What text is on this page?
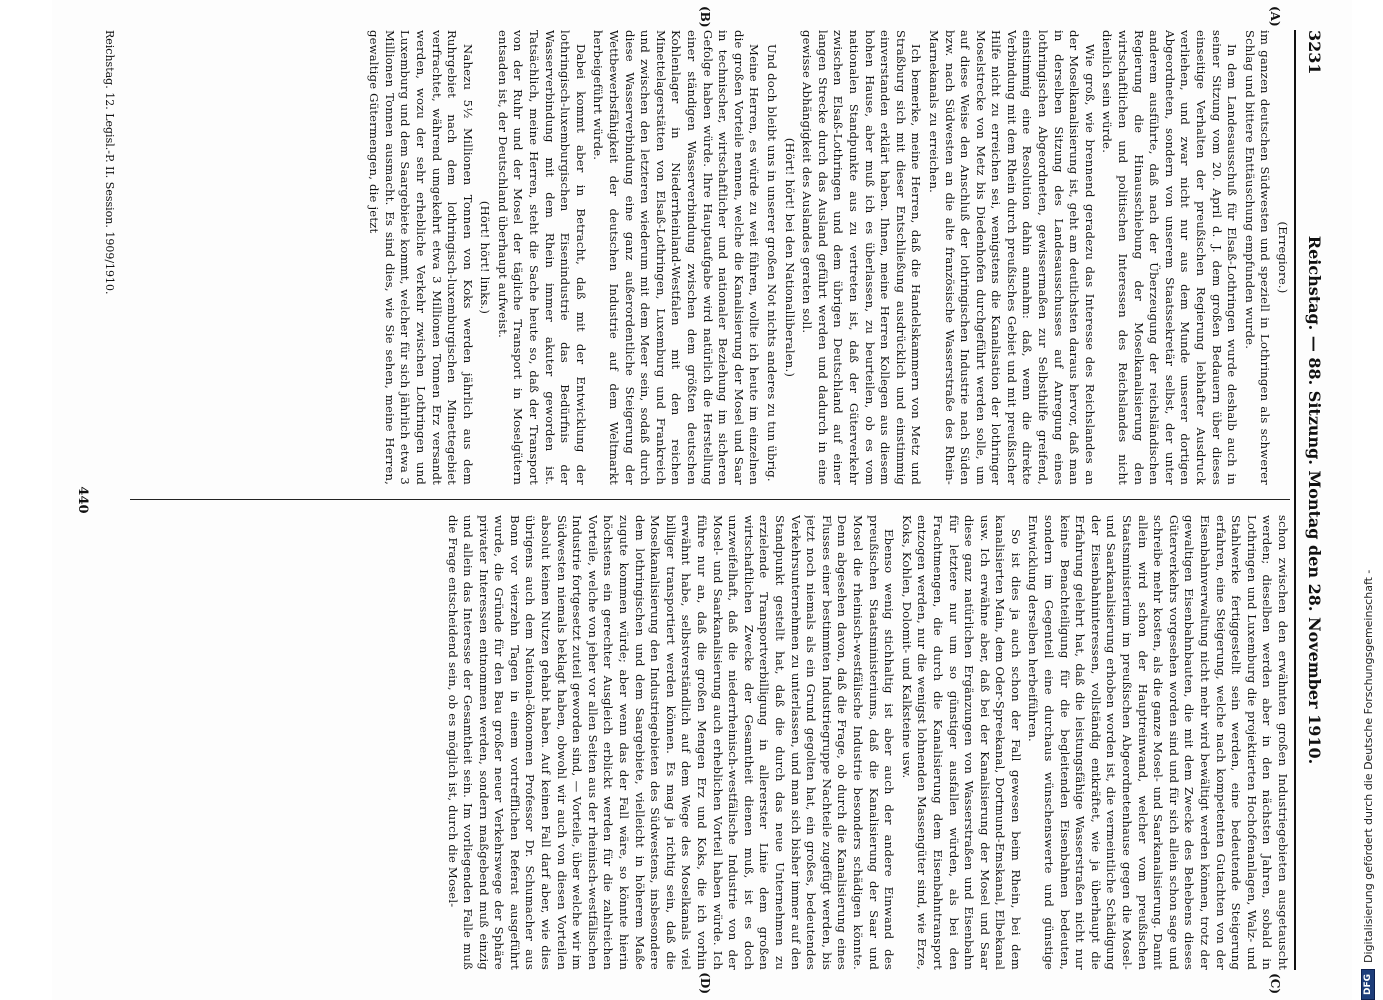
3231
Reichstag. — 88. Sitzung. Montag den 28. November 1910.
(A)
(B)
(C)
(D)

(Erregiore.)

im ganzen deutschen Südwesten und speziell in Lothringen als schwerer Schlag und bittere Enttäuschung empfunden wurde.

In dem Landesausschuß für Elsaß-Lothringen wurde deshalb auch in seiner Sitzung vom 20. April d. J. dem großen Bedauern über dieses einseitige Verhalten der preußischen Regierung lebhafter Ausdruck verliehen, und zwar nicht nur aus dem Munde unserer dortigen Abgeordneten, sondern von unserem Staatssekretär selbst, der unter anderem ausführte, daß nach der Überzeugung der reichsländischen Regierung die Hinausschiebung der Moselkanalisierung den wirtschaftlichen und politischen Interessen des Reichslandes nicht dienlich sein würde.

Wie groß, wie brennend geradezu das Interesse des Reichslandes an der Moselkanalisierung ist, geht am deutlichsten daraus hervor, daß man in derselben Sitzung des Landesausschusses auf Anregung eines lothringischen Abgeordneten, gewissermaßen zur Selbsthilfe greifend, einstimmig eine Resolution dahin annahm: daß, wenn die direkte Verbindung mit dem Rhein durch preußisches Gebiet und mit preußischer Hilfe nicht zu erreichen sei, wenigstens die Kanalisation der lothringer Moselstrecke von Metz bis Diedenhofen durchgeführt werden solle, um auf diese Weise den Anschluß der lothringischen Industrie nach Süden bzw. nach Südwesten an die alte französische Wasserstraße des Rhein-Marnekanals zu erreichen.

Ich bemerke, meine Herren, daß die Handelskammern von Metz und Straßburg sich mit dieser Entschließung ausdrücklich und einstimmig einverstanden erklärt haben. Ihnen, meine Herren Kollegen aus diesem hohen Hause, aber muß ich es überlassen, zu beurteilen, ob es vom nationalen Standpunkte aus zu vertreten ist, daß der Güterverkehr zwischen Elsaß-Lothringen und dem übrigen Deutschland auf einer langen Strecke durch das Ausland geführt werden und dadurch in eine gewisse Abhängigkeit des Auslandes geraten soll.

(Hört! hört! bei den Nationalliberalen.)

Und doch bleibt uns in unserer großen Not nichts anderes zu tun übrig.

Meine Herren, es würde zu weit führen, wollte ich heute im einzelnen die großen Vorteile nennen, welche die Kanalisierung der Mosel und Saar in technischer, wirtschaftlicher und nationaler Beziehung im sicheren Gefolge haben würde. Ihre Hauptaufgabe wird natürlich die Herstellung einer ständigen Wasserverbindung zwischen dem größten deutschen Kohlenlager in Niederrheinland-Westfalen mit den reichen Minettelagerstätten von Elsaß-Lothringen, Luxemburg und Frankreich und zwischen den letzteren wiederum mit dem Meer sein, sodaß durch diese Wasserverbindung eine ganz außerordentliche Steigerung der Wettbewerbsfähigkeit der deutschen Industrie auf dem Weltmarkt herbeigeführt würde.

Dabei kommt aber in Betracht, daß mit der Entwicklung der lothringisch-luxemburgischen Eisenindustrie das Bedürfnis der Wasserverbindung mit dem Rhein immer akuter geworden ist. Tatsächlich, meine Herren, steht die Sache heute so, daß der Transport von der Ruhr und der Mosel der tägliche Transport in Moselgütern entsaden ist, der Deutschland überhaupt aufweist.

(Hört! hört! links.)

Nahezu 5½ Millionen Tonnen von Koks werden jährlich aus dem Ruhrgebiet nach dem lothringisch-luxemburgischen Minettegebiet verfrachtet, während umgekehrt etwa 3 Millionen Tonnen Erz versandt werden, wozu der sehr erhebliche Verkehr zwischen Lothringen und Luxemburg und dem Saargebiete kommt, welcher für sich jährlich etwa 3 Millionen Tonnen ausmacht. Es sind dies, wie Sie sehen, meine Herren, gewaltige Gütermengen, die jetzt

schon zwischen den erwähnten großen Industriegebieten ausgetauscht werden; dieselben werden aber in den nächsten Jahren, sobald in Lothringen und Luxemburg die projektierten Hochofenanlagen, Walz- und Stahlwerke fertiggestellt sein werden, eine bedeutende Steigerung erfahren, eine Steigerung, welche nach kompetenten Gutachten von der Eisenbahnverwaltung nicht mehr wird bewältigt werden können, trotz der gewaltigen Eisenbahnbauten, die mit dem Zwecke des Behebens dieses Güterverkehrs vorgesehen worden sind und für sich allein schon sage und schreibe mehr kosten, als die ganze Mosel- und Saarkanalisierung. Damit allein wird schon der Hauptreinwand, welcher vom preußischen Staatsministerium im preußischen Abgeordnetenhause gegen die Mosel- und Saarkanalisierung erhoben worden ist, die vermeintliche Schädigung der Eisenbahninteressen, vollständig entkräftet, wie ja überhaupt die Erfahrung gelehrt hat, daß die leistungsfähige Wasserstraßen nicht nur keine Benachteiligung für die begleitenden Eisenbahnen bedeuten, sondern im Gegenteil eine durchaus wünschenswerte und günstige Entwicklung derselben herbeiführen.

So ist dies ja auch schon der Fall gewesen beim Rhein, bei dem kanalisierten Main, dem Oder-Spreekanal, Dortmund-Emskanal, Elbekanal usw. Ich erwähne aber, daß bei der Kanalisierung der Mosel und Saar diese ganz natürlichen Ergänzungen von Wasserstraßen und Eisenbahn für letztere nur um so günstiger ausfallen würden, als bei den Frachtmengen, die durch die Kanalisierung dem Eisenbahntransport entzogen werden, nur die wenigst lohnenden Massengüter sind, wie Erze, Koks, Kohlen, Dolomit- und Kalksteine usw.

Ebenso wenig stichhaltig ist aber auch der andere Einwand des preußischen Staatsministeriums, daß die Kanalisierung der Saar und Mosel die rheinisch-westfälische Industrie besonders schädigen könnte. Denn abgesehen davon, daß die Frage, ob durch die Kanalisierung eines Flusses einer bestimmten Industriegruppe Nachteile zugefügt werden, bis jetzt noch niemals als ein Grund gegolten hat, ein großes, bedeutendes Verkehrsunternehmen zu unterlassen, und man sich bisher immer auf den Standpunkt gestellt hat, daß die durch das neue Unternehmen zu erzielende Transportverbilligung in allererster Linie dem großen wirtschaftlichen Zwecke der Gesamtheit dienen muß, ist es doch unzweifelhaft, daß die niederrheinisch-westfälische Industrie von der Mosel- und Saarkanalisierung auch erheblichen Vorteil haben würde. Ich führe nur an, daß die großen Mengen Erz und Koks, die ich vorhin erwähnt habe, selbstverständlich auf dem Wege des Moselkanals viel billiger transportiert werden können. Es mag ja richtig sein, daß die Moselkanalisierung den Industriegebieten des Südwestens, insbesondere dem lothringischen und dem Saargebiete, vielleicht in höherem Maße zugute kommen würde; aber wenn das der Fall wäre, so könnte hierin höchstens ein gerechter Ausgleich erblickt werden für die zahlreichen Vorteile, welche von jeher vor allen Seiten aus der rheinisch-westfälischen Industrie fortgesetzt zuteil geworden sind, — Vorteile, über welche wir im Südwesten niemals beklagt haben, obwohl wir auch von diesen Vorteilen absolut keinen Nutzen gehabt haben. Auf keinen Fall darf aber, wie dies übrigens auch dem National-ökonomen Professor Dr. Schumacher aus Bonn vor vierzehn Tagen in einem vortrefflichen Referat ausgeführt wurde, die Gründe für den Bau großer neuer Verkehrswege der Sphäre privater Interessen entnommen werden, sondern maßgebend muß einzig und allein das Interesse der Gesamtheit sein. Im vorliegenden Falle muß die Frage entscheidend sein, ob es möglich ist, durch die Mosel-

Reichstag. 12. Legisl.-P. II. Session. 1909/1910.
440
DFG
Digitalisierung gefördert durch die Deutsche Forschungsgemeinschaft -
